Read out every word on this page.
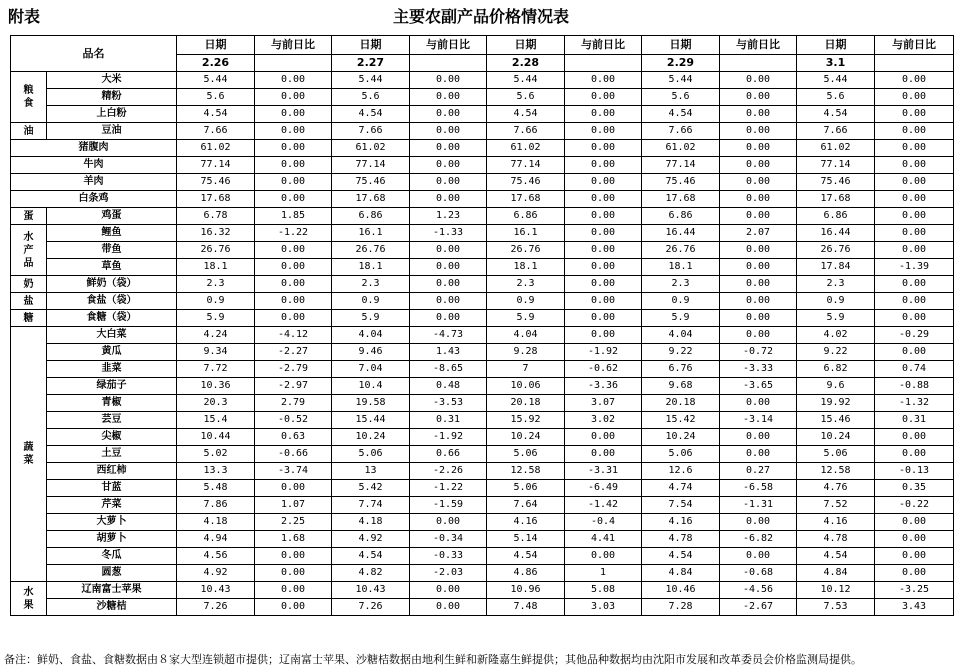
附表	主要农副产品价格情况表
品名		日期	与前日比	日期	与前日比	日期	与前日比	日期	与前日比	日期	与前日比
		2.26		2.27		2.28		2.29		3.1	
粮
食	大米	5.44	0.00	5.44	0.00	5.44	0.00	5.44	0.00	5.44	0.00
	精粉	5.6	0.00	5.6	0.00	5.6	0.00	5.6	0.00	5.6	0.00
	上白粉	4.54	0.00	4.54	0.00	4.54	0.00	4.54	0.00	4.54	0.00
油	豆油	7.66	0.00	7.66	0.00	7.66	0.00	7.66	0.00	7.66	0.00
猪腹肉		61.02	0.00	61.02	0.00	61.02	0.00	61.02	0.00	61.02	0.00
牛肉		77.14	0.00	77.14	0.00	77.14	0.00	77.14	0.00	77.14	0.00
羊肉		75.46	0.00	75.46	0.00	75.46	0.00	75.46	0.00	75.46	0.00
白条鸡		17.68	0.00	17.68	0.00	17.68	0.00	17.68	0.00	17.68	0.00
蛋	鸡蛋	6.78	1.85	6.86	1.23	6.86	0.00	6.86	0.00	6.86	0.00
水
产
品	鲤鱼	16.32	-1.22	16.1	-1.33	16.1	0.00	16.44	2.07	16.44	0.00
	带鱼	26.76	0.00	26.76	0.00	26.76	0.00	26.76	0.00	26.76	0.00
	草鱼	18.1	0.00	18.1	0.00	18.1	0.00	18.1	0.00	17.84	-1.39
奶	鲜奶（袋）	2.3	0.00	2.3	0.00	2.3	0.00	2.3	0.00	2.3	0.00
盐	食盐（袋）	0.9	0.00	0.9	0.00	0.9	0.00	0.9	0.00	0.9	0.00
糖	食糖（袋）	5.9	0.00	5.9	0.00	5.9	0.00	5.9	0.00	5.9	0.00
蔬
菜	大白菜	4.24	-4.12	4.04	-4.73	4.04	0.00	4.04	0.00	4.02	-0.29
	黄瓜	9.34	-2.27	9.46	1.43	9.28	-1.92	9.22	-0.72	9.22	0.00
	韭菜	7.72	-2.79	7.04	-8.65	7	-0.62	6.76	-3.33	6.82	0.74
	绿茄子	10.36	-2.97	10.4	0.48	10.06	-3.36	9.68	-3.65	9.6	-0.88
	青椒	20.3	2.79	19.58	-3.53	20.18	3.07	20.18	0.00	19.92	-1.32
	芸豆	15.4	-0.52	15.44	0.31	15.92	3.02	15.42	-3.14	15.46	0.31
	尖椒	10.44	0.63	10.24	-1.92	10.24	0.00	10.24	0.00	10.24	0.00
	土豆	5.02	-0.66	5.06	0.66	5.06	0.00	5.06	0.00	5.06	0.00
	西红柿	13.3	-3.74	13	-2.26	12.58	-3.31	12.6	0.27	12.58	-0.13
	甘蓝	5.48	0.00	5.42	-1.22	5.06	-6.49	4.74	-6.58	4.76	0.35
	芹菜	7.86	1.07	7.74	-1.59	7.64	-1.42	7.54	-1.31	7.52	-0.22
	大萝卜	4.18	2.25	4.18	0.00	4.16	-0.4	4.16	0.00	4.16	0.00
	胡萝卜	4.94	1.68	4.92	-0.34	5.14	4.41	4.78	-6.82	4.78	0.00
	冬瓜	4.56	0.00	4.54	-0.33	4.54	0.00	4.54	0.00	4.54	0.00
	圆葱	4.92	0.00	4.82	-2.03	4.86	1	4.84	-0.68	4.84	0.00
水
果	辽南富士苹果	10.43	0.00	10.43	0.00	10.96	5.08	10.46	-4.56	10.12	-3.25
	沙糖桔	7.26	0.00	7.26	0.00	7.48	3.03	7.28	-2.67	7.53	3.43
备注：鲜奶、食盐、食糖数据由８家大型连锁超市提供；辽南富士苹果、沙糖桔数据由地利生鲜和新隆嘉生鲜提供；其他品种数据均由沈阳市发展和改革委员会价格监测局提供。
